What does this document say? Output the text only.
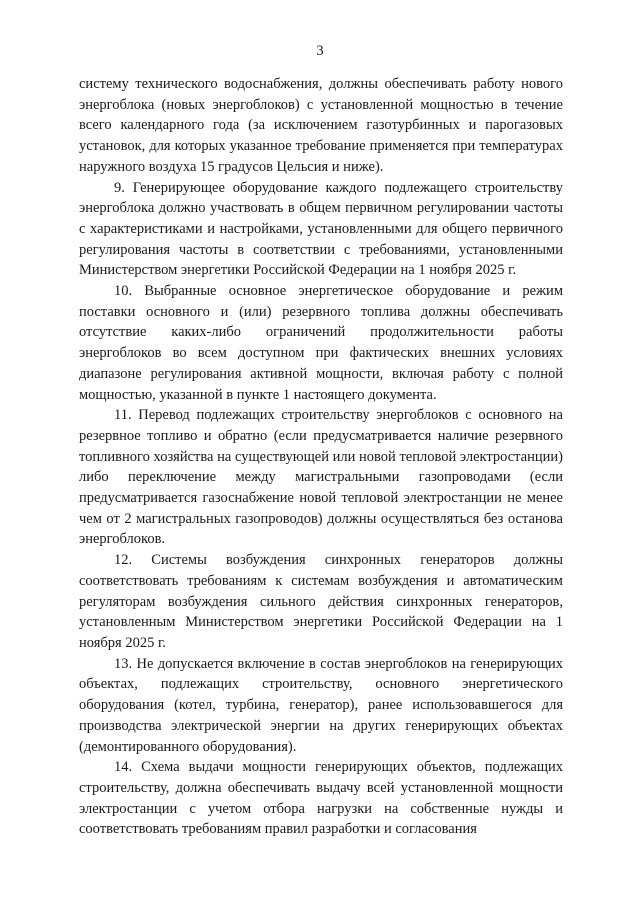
3

систему технического водоснабжения, должны обеспечивать работу нового энергоблока (новых энергоблоков) с установленной мощностью в течение всего календарного года (за исключением газотурбинных и парогазовых установок, для которых указанное требование применяется при температурах наружного воздуха 15 градусов Цельсия и ниже).

9. Генерирующее оборудование каждого подлежащего строительству энергоблока должно участвовать в общем первичном регулировании частоты с характеристиками и настройками, установленными для общего первичного регулирования частоты в соответствии с требованиями, установленными Министерством энергетики Российской Федерации на 1 ноября 2025 г.

10. Выбранные основное энергетическое оборудование и режим поставки основного и (или) резервного топлива должны обеспечивать отсутствие каких-либо ограничений продолжительности работы энергоблоков во всем доступном при фактических внешних условиях диапазоне регулирования активной мощности, включая работу с полной мощностью, указанной в пункте 1 настоящего документа.

11. Перевод подлежащих строительству энергоблоков с основного на резервное топливо и обратно (если предусматривается наличие резервного топливного хозяйства на существующей или новой тепловой электростанции) либо переключение между магистральными газопроводами (если предусматривается газоснабжение новой тепловой электростанции не менее чем от 2 магистральных газопроводов) должны осуществляться без останова энергоблоков.

12. Системы возбуждения синхронных генераторов должны соответствовать требованиям к системам возбуждения и автоматическим регуляторам возбуждения сильного действия синхронных генераторов, установленным Министерством энергетики Российской Федерации на 1 ноября 2025 г.

13. Не допускается включение в состав энергоблоков на генерирующих объектах, подлежащих строительству, основного энергетического оборудования (котел, турбина, генератор), ранее использовавшегося для производства электрической энергии на других генерирующих объектах (демонтированного оборудования).

14. Схема выдачи мощности генерирующих объектов, подлежащих строительству, должна обеспечивать выдачу всей установленной мощности электростанции с учетом отбора нагрузки на собственные нужды и соответствовать требованиям правил разработки и согласования
